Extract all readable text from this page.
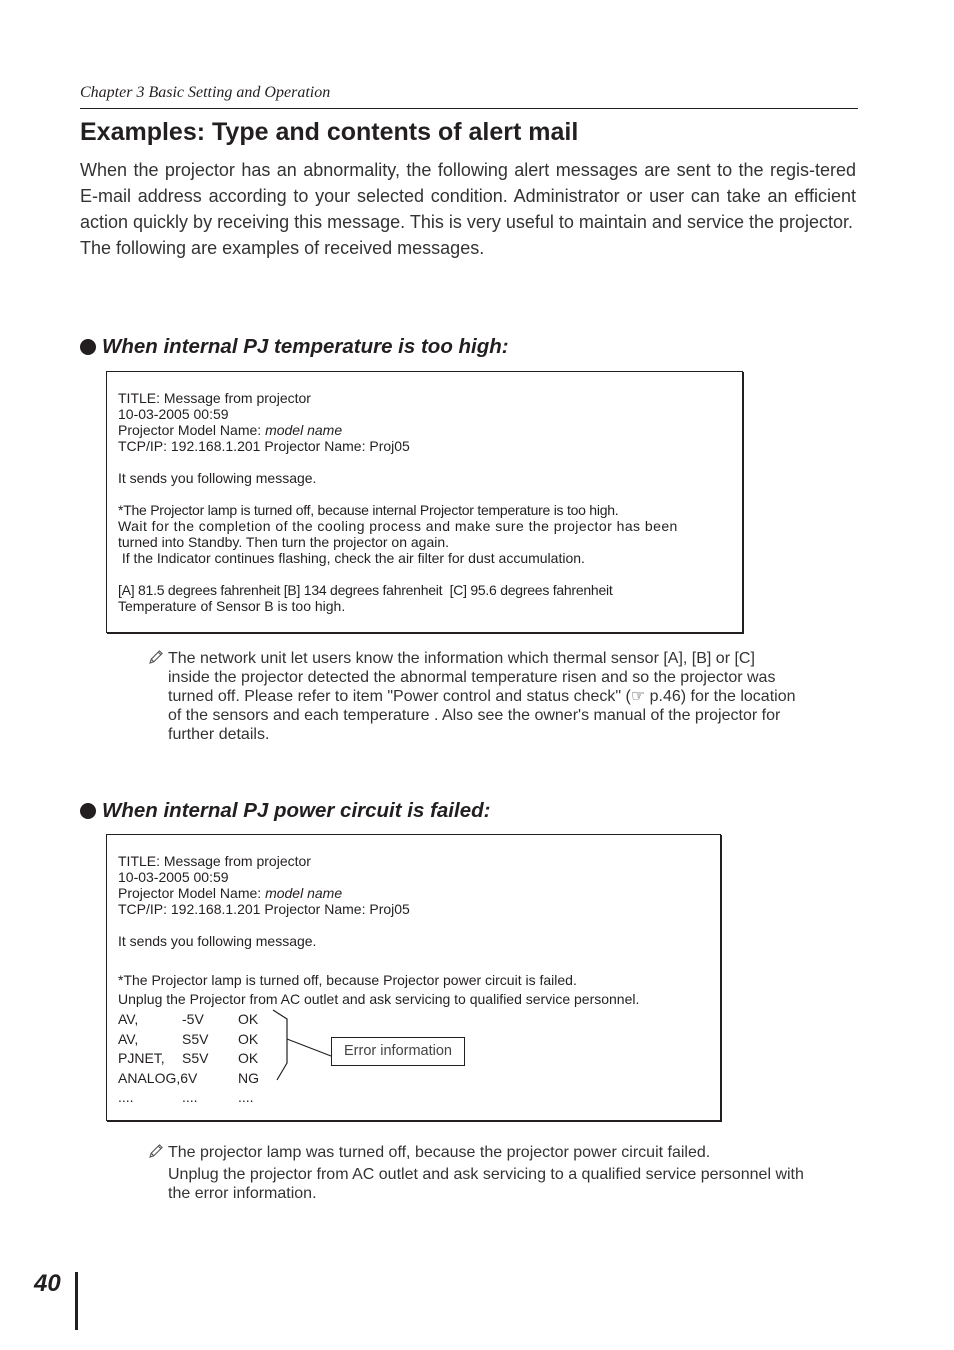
Chapter 3 Basic Setting and Operation
Examples: Type and contents of alert mail

When the projector has an abnormality, the following alert messages are sent to the regis-tered E-mail address according to your selected condition. Administrator or user can take an efficient action quickly by receiving this message. This is very useful to maintain and service the projector.

The following are examples of received messages.

When internal PJ temperature is too high:
TITLE: Message from projector
10-03-2005 00:59
Projector Model Name: model name
TCP/IP: 192.168.1.201 Projector Name: Proj05
It sends you following message.
*The Projector lamp is turned off, because internal Projector temperature is too high.
Wait for the completion of the cooling process and make sure the projector has been
turned into Standby. Then turn the projector on again.
If the Indicator continues flashing, check the air filter for dust accumulation.
[A] 81.5 degrees fahrenheit [B] 134 degrees fahrenheit  [C] 95.6 degrees fahrenheit
Temperature of Sensor B is too high.
The network unit let users know the information which thermal sensor [A], [B] or [C]
inside the projector detected the abnormal temperature risen and so the projector was
turned off. Please refer to item "Power control and status check" (☞ p.46) for the location
of the sensors and each temperature . Also see the owner's manual of the projector for
further details.
When internal PJ power circuit is failed:
TITLE: Message from projector
10-03-2005 00:59
Projector Model Name: model name
TCP/IP: 192.168.1.201 Projector Name: Proj05
It sends you following message.
*The Projector lamp is turned off, because Projector power circuit is failed.
Unplug the Projector from AC outlet and ask servicing to qualified service personnel.
AV,	-5V OK
AV,	S5V OK
PJNET, S5V OK
ANALOG,6V	NG
....	....	....
Error information
The projector lamp was turned off, because the projector power circuit failed.
Unplug the projector from AC outlet and ask servicing to a qualified service personnel with
the error information.
40
